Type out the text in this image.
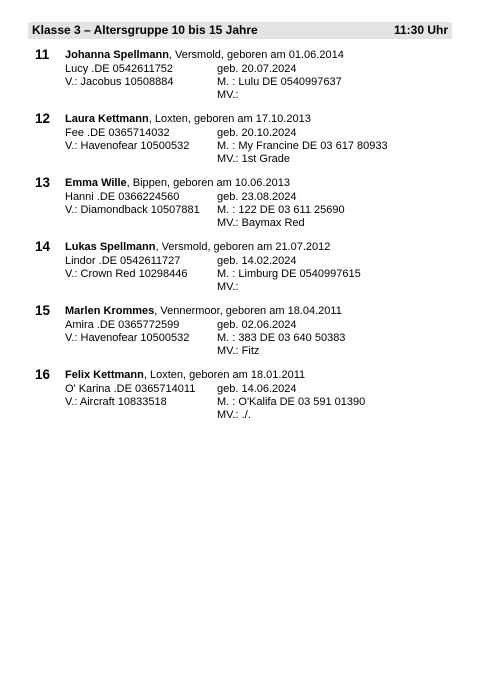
Klasse 3 – Altersgruppe 10 bis 15 Jahre	11:30 Uhr
11 Johanna Spellmann, Versmold, geboren am 01.06.2014
Lucy .DE 0542611752
V.: Jacobus 10508884
geb. 20.07.2024
M. : Lulu DE 0540997637
MV.:
12 Laura Kettmann, Loxten, geboren am 17.10.2013
Fee .DE 0365714032
V.: Havenofear 10500532
geb. 20.10.2024
M. : My Francine DE 03 617 80933
MV.: 1st Grade
13 Emma Wille, Bippen, geboren am 10.06.2013
Hanni .DE 0366224560
V.: Diamondback 10507881
geb. 23.08.2024
M. : 122 DE 03 611 25690
MV.: Baymax Red
14 Lukas Spellmann, Versmold, geboren am 21.07.2012
Lindor .DE 0542611727
V.: Crown Red 10298446
geb. 14.02.2024
M. : Limburg DE 0540997615
MV.:
15 Marlen Krommes, Vennermoor, geboren am 18.04.2011
Amira .DE 0365772599
V.: Havenofear 10500532
geb. 02.06.2024
M. : 383 DE 03 640 50383
MV.: Fitz
16 Felix Kettmann, Loxten, geboren am 18.01.2011
O' Karina .DE 0365714011
V.: Aircraft 10833518
geb. 14.06.2024
M. : O'Kalifa DE 03 591 01390
MV.: ./.
